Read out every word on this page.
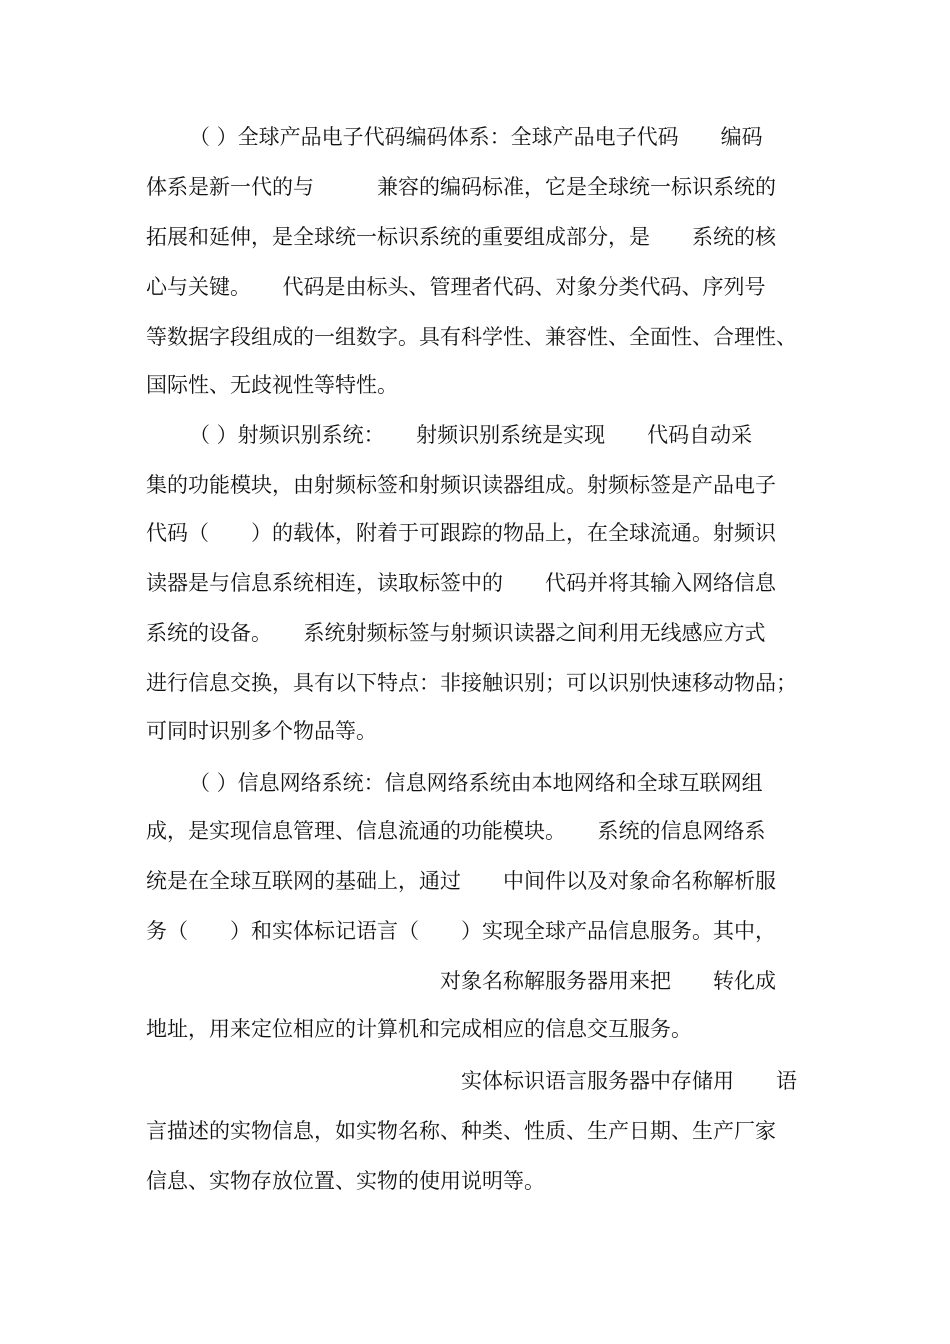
（ ）全球产品电子代码编码体系：全球产品电子代码　　编码
体系是新一代的与　　　兼容的编码标准，它是全球统一标识系统的
拓展和延伸，是全球统一标识系统的重要组成部分，是　　系统的核
心与关键。　　代码是由标头、管理者代码、对象分类代码、序列号
等数据字段组成的一组数字。具有科学性、兼容性、全面性、合理性、
国际性、无歧视性等特性。
（ ）射频识别系统：　　射频识别系统是实现　　代码自动采
集的功能模块，由射频标签和射频识读器组成。射频标签是产品电子
代码（　　）的载体，附着于可跟踪的物品上，在全球流通。射频识
读器是与信息系统相连，读取标签中的　　代码并将其输入网络信息
系统的设备。　　系统射频标签与射频识读器之间利用无线感应方式
进行信息交换，具有以下特点：非接触识别；可以识别快速移动物品；
可同时识别多个物品等。
（ ）信息网络系统：信息网络系统由本地网络和全球互联网组
成，是实现信息管理、信息流通的功能模块。　　系统的信息网络系
统是在全球互联网的基础上，通过　　中间件以及对象命名称解析服
务（　　）和实体标记语言（　　）实现全球产品信息服务。其中，
　　　　　　　　　　　　　　对象名称解服务器用来把　　转化成
地址，用来定位相应的计算机和完成相应的信息交互服务。
　　　　　　　　　　　　　　　实体标识语言服务器中存储用　　语
言描述的实物信息，如实物名称、种类、性质、生产日期、生产厂家
信息、实物存放位置、实物的使用说明等。
